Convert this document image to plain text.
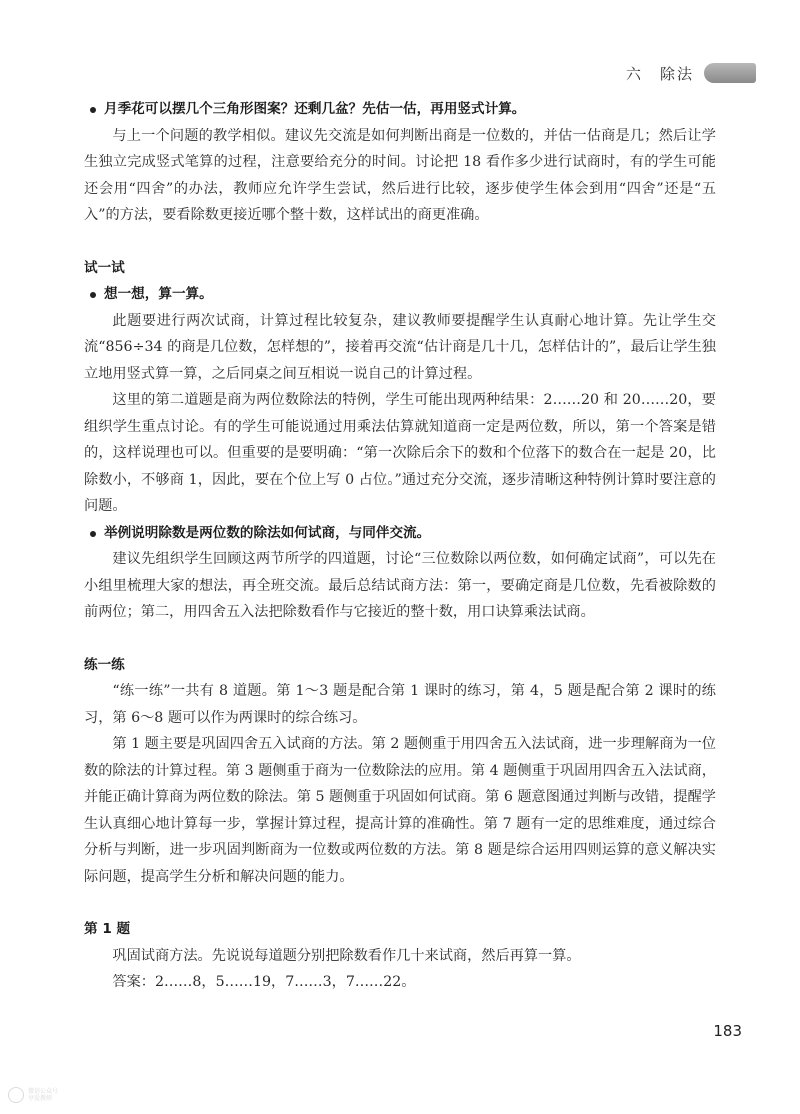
六　除法
月季花可以摆几个三角形图案？还剩几盆？先估一估，再用竖式计算。

与上一个问题的教学相似。建议先交流是如何判断出商是一位数的，并估一估商是几；然后让学生独立完成竖式笔算的过程，注意要给充分的时间。讨论把 18 看作多少进行试商时，有的学生可能还会用“四舍”的办法，教师应允许学生尝试，然后进行比较，逐步使学生体会到用“四舍”还是“五入”的方法，要看除数更接近哪个整十数，这样试出的商更准确。

试一试
想一想，算一算。

此题要进行两次试商，计算过程比较复杂，建议教师要提醒学生认真耐心地计算。先让学生交流“856÷34 的商是几位数，怎样想的”，接着再交流“估计商是几十几，怎样估计的”，最后让学生独立地用竖式算一算，之后同桌之间互相说一说自己的计算过程。

这里的第二道题是商为两位数除法的特例，学生可能出现两种结果：2……20 和 20……20，要组织学生重点讨论。有的学生可能说通过用乘法估算就知道商一定是两位数，所以，第一个答案是错的，这样说理也可以。但重要的是要明确：“第一次除后余下的数和个位落下的数合在一起是 20，比除数小，不够商 1，因此，要在个位上写 0 占位。”通过充分交流，逐步清晰这种特例计算时要注意的问题。

举例说明除数是两位数的除法如何试商，与同伴交流。

建议先组织学生回顾这两节所学的四道题，讨论“三位数除以两位数，如何确定试商”，可以先在小组里梳理大家的想法，再全班交流。最后总结试商方法：第一，要确定商是几位数，先看被除数的前两位；第二，用四舍五入法把除数看作与它接近的整十数，用口诀算乘法试商。

练一练

“练一练”一共有 8 道题。第 1～3 题是配合第 1 课时的练习，第 4，5 题是配合第 2 课时的练习，第 6～8 题可以作为两课时的综合练习。

第 1 题主要是巩固四舍五入试商的方法。第 2 题侧重于用四舍五入法试商，进一步理解商为一位数的除法的计算过程。第 3 题侧重于商为一位数除法的应用。第 4 题侧重于巩固用四舍五入法试商，并能正确计算商为两位数的除法。第 5 题侧重于巩固如何试商。第 6 题意图通过判断与改错，提醒学生认真细心地计算每一步，掌握计算过程，提高计算的准确性。第 7 题有一定的思维难度，通过综合分析与判断，进一步巩固判断商为一位数或两位数的方法。第 8 题是综合运用四则运算的意义解决实际问题，提高学生分析和解决问题的能力。

第 1 题

巩固试商方法。先说说每道题分别把除数看作几十来试商，然后再算一算。

答案：2……8，5……19，7……3，7……22。

183
微信公众号
享爱教师
